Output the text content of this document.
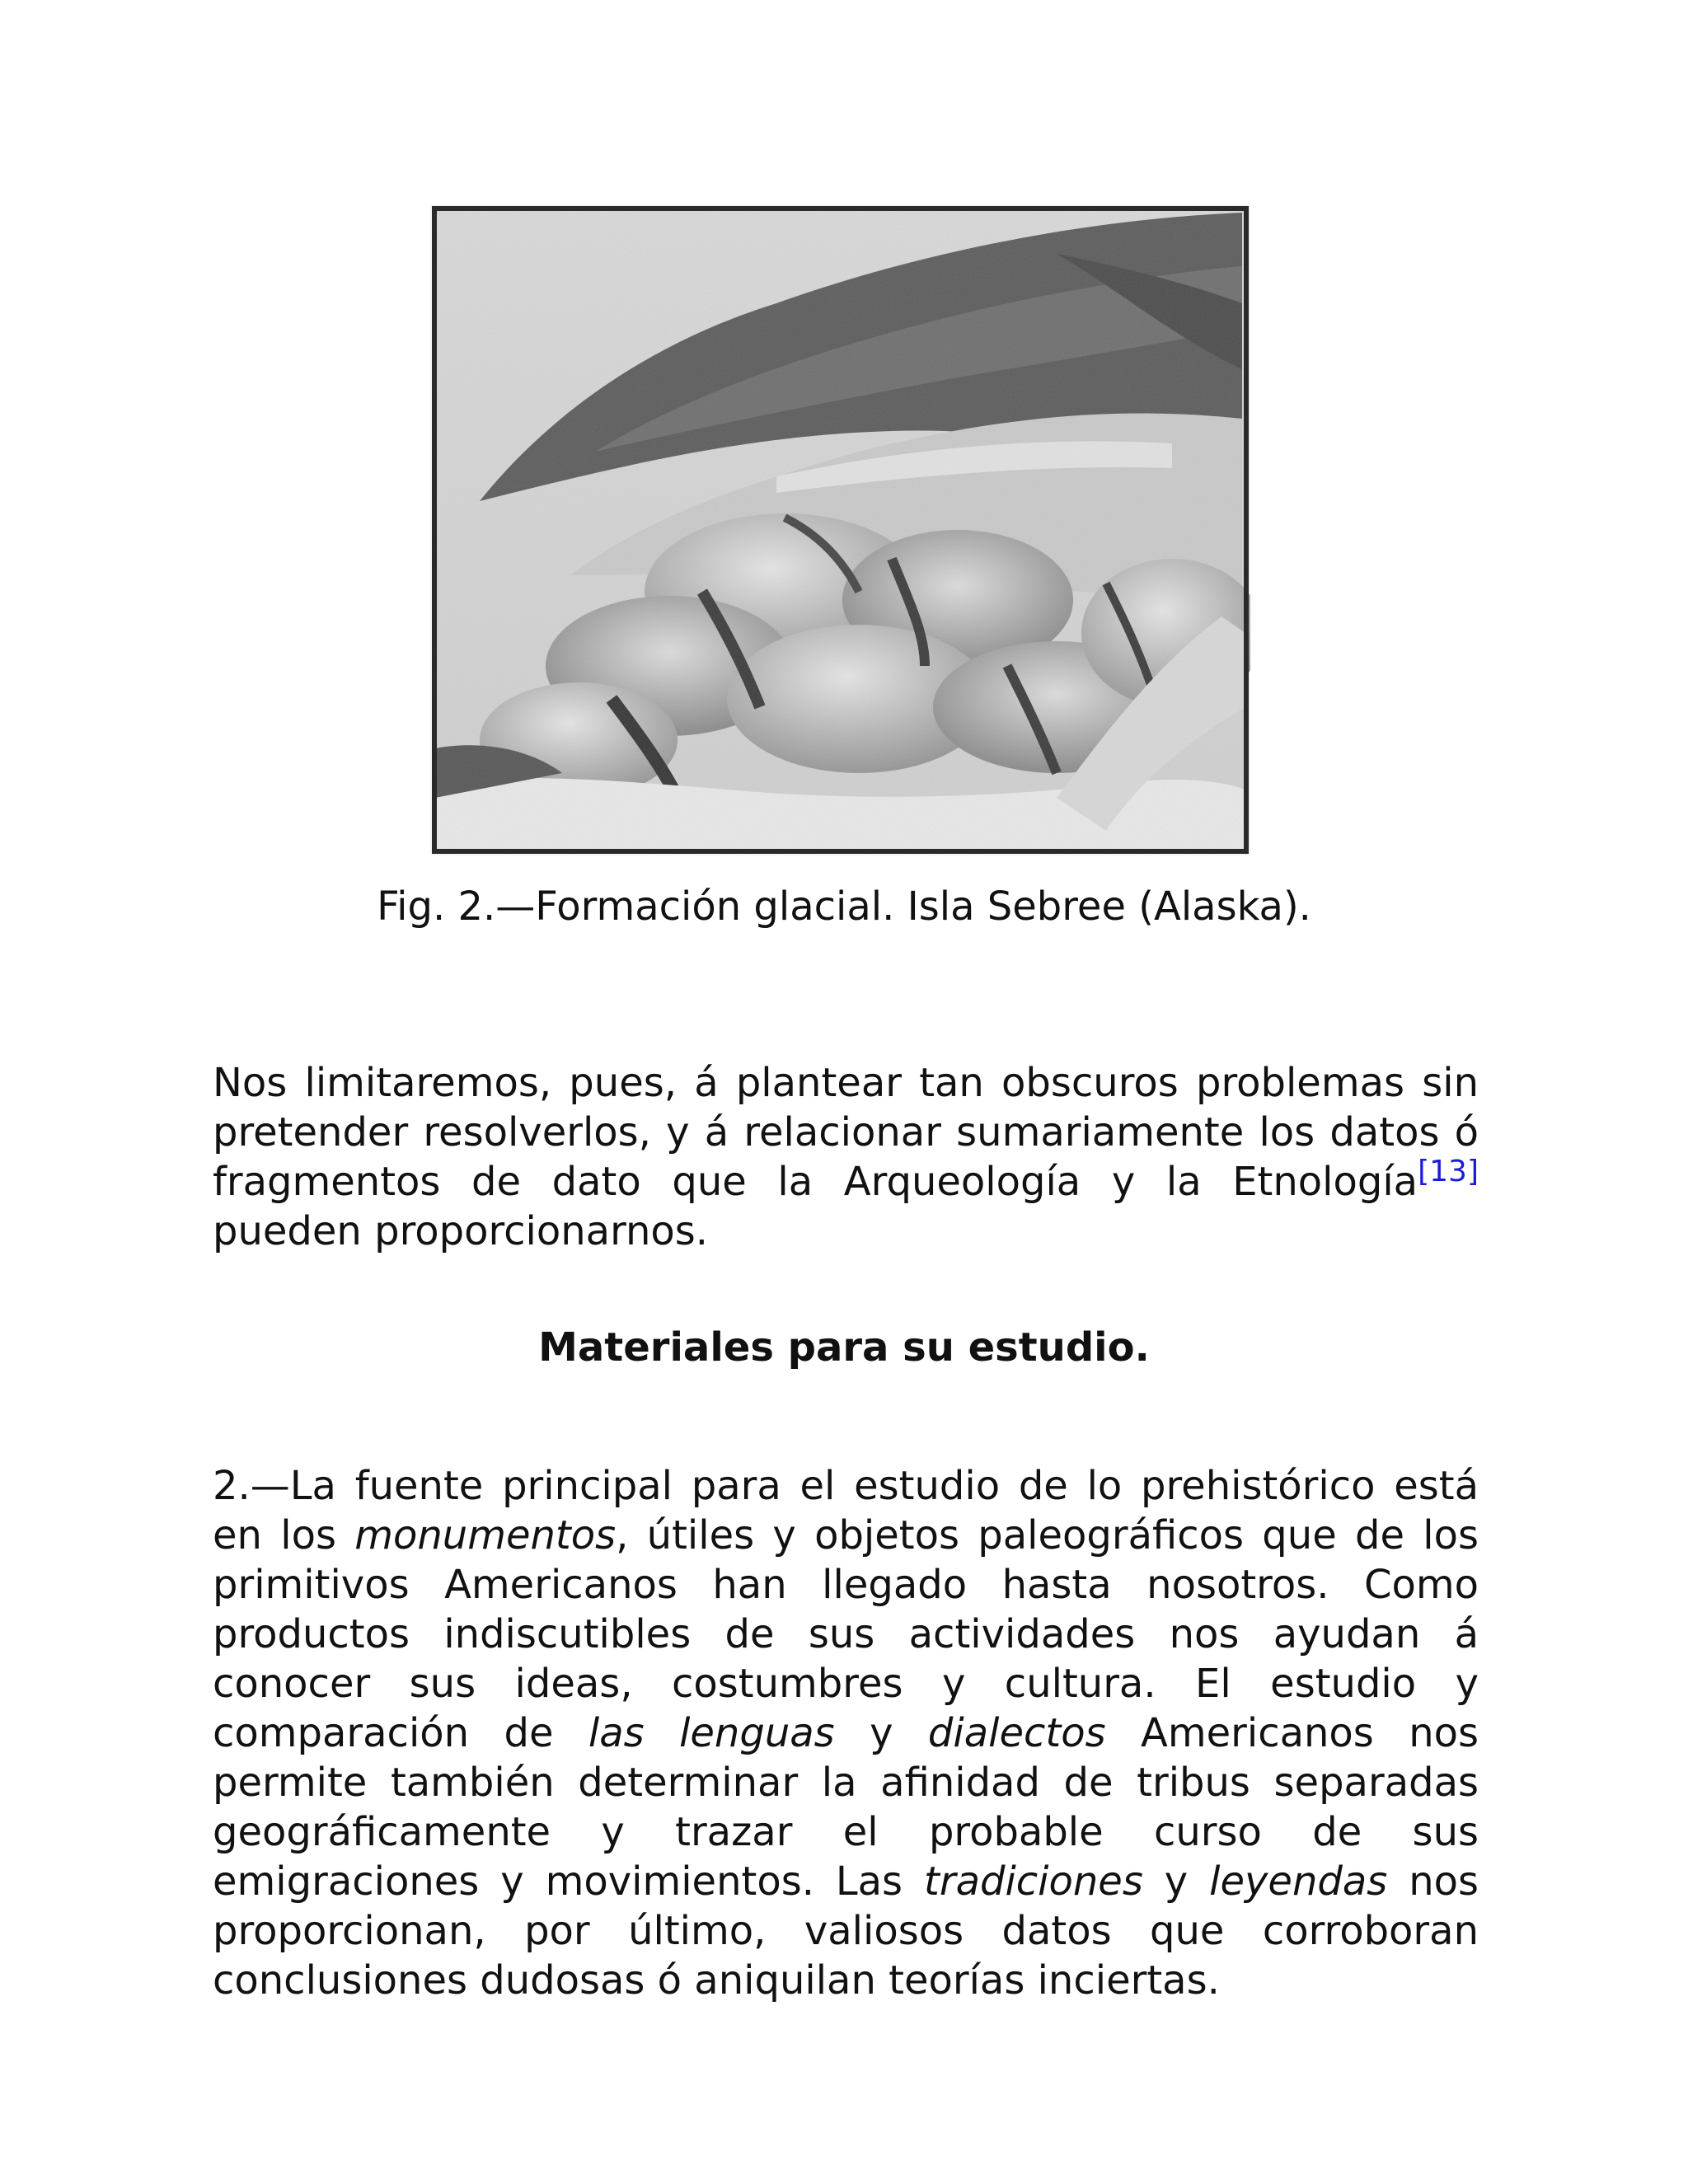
Fig. 2.—Formación glacial. Isla Sebree (Alaska).

Nos limitaremos, pues, á plantear tan obscuros problemas sin pretender resolverlos, y á relacionar sumariamente los datos ó fragmentos de dato que la Arqueología y la Etnología[13] pueden proporcionarnos.

Materiales para su estudio.

2.—La fuente principal para el estudio de lo prehistórico está en los monumentos, útiles y objetos paleográficos que de los primitivos Americanos han llegado hasta nosotros. Como productos indiscutibles de sus actividades nos ayudan á conocer sus ideas, costumbres y cultura. El estudio y comparación de las lenguas y dialectos Americanos nos permite también determinar la afinidad de tribus separadas geográficamente y trazar el probable curso de sus emigraciones y movimientos. Las tradiciones y leyendas nos proporcionan, por último, valiosos datos que corroboran conclusiones dudosas ó aniquilan teorías inciertas.
